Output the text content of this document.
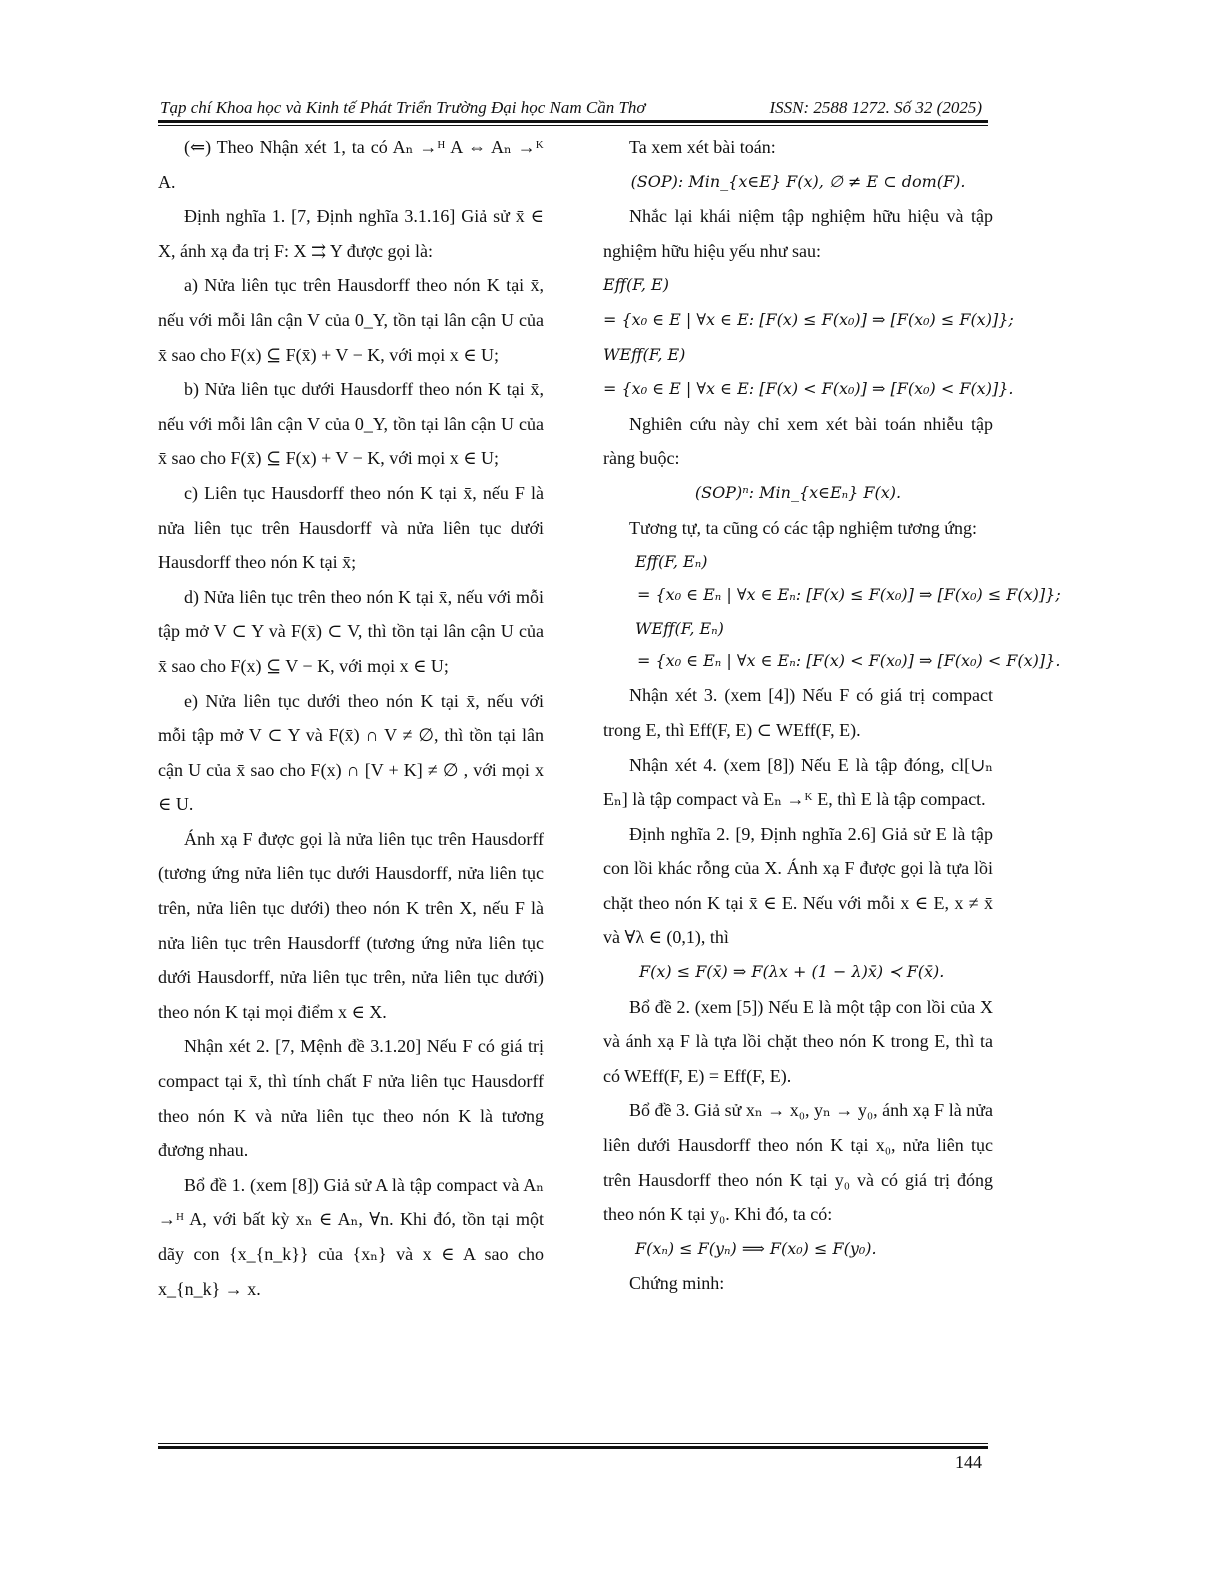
Tạp chí Khoa học và Kinh tế Phát Triển Trường Đại học Nam Cần Thơ	ISSN: 2588 1272. Số 32 (2025)

(⇐) Theo Nhận xét 1, ta có Aₙ →ᴴ A ⇔ Aₙ →ᴷ A.

Định nghĩa 1. [7, Định nghĩa 3.1.16] Giả sử x̄ ∈ X, ánh xạ đa trị F: X ⇉ Y được gọi là:

a) Nửa liên tục trên Hausdorff theo nón K tại x̄, nếu với mỗi lân cận V của 0_Y, tồn tại lân cận U của x̄ sao cho F(x) ⊆ F(x̄) + V − K, với mọi x ∈ U;

b) Nửa liên tục dưới Hausdorff theo nón K tại x̄, nếu với mỗi lân cận V của 0_Y, tồn tại lân cận U của x̄ sao cho F(x̄) ⊆ F(x) + V − K, với mọi x ∈ U;

c) Liên tục Hausdorff theo nón K tại x̄, nếu F là nửa liên tục trên Hausdorff và nửa liên tục dưới Hausdorff theo nón K tại x̄;

d) Nửa liên tục trên theo nón K tại x̄, nếu với mỗi tập mở V ⊂ Y và F(x̄) ⊂ V, thì tồn tại lân cận U của x̄ sao cho F(x) ⊆ V − K, với mọi x ∈ U;

e) Nửa liên tục dưới theo nón K tại x̄, nếu với mỗi tập mở V ⊂ Y và F(x̄) ∩ V ≠ ∅, thì tồn tại lân cận U của x̄ sao cho F(x) ∩ [V + K] ≠ ∅ , với mọi x ∈ U.

Ánh xạ F được gọi là nửa liên tục trên Hausdorff (tương ứng nửa liên tục dưới Hausdorff, nửa liên tục trên, nửa liên tục dưới) theo nón K trên X, nếu F là nửa liên tục trên Hausdorff (tương ứng nửa liên tục dưới Hausdorff, nửa liên tục trên, nửa liên tục dưới) theo nón K tại mọi điểm x ∈ X.

Nhận xét 2. [7, Mệnh đề 3.1.20] Nếu F có giá trị compact tại x̄, thì tính chất F nửa liên tục Hausdorff theo nón K và nửa liên tục theo nón K là tương đương nhau.

Bổ đề 1. (xem [8]) Giả sử A là tập compact và Aₙ →ᴴ A, với bất kỳ xₙ ∈ Aₙ, ∀n. Khi đó, tồn tại một dãy con {x_{n_k}} của {xₙ} và x ∈ A sao cho x_{n_k} → x.

Ta xem xét bài toán:

(SOP): Min_{x∈E} F(x), ∅ ≠ E ⊂ dom(F).

Nhắc lại khái niệm tập nghiệm hữu hiệu và tập nghiệm hữu hiệu yếu như sau:

Eff(F, E)

= {x₀ ∈ E | ∀x ∈ E: [F(x) ≤ F(x₀)] ⇒ [F(x₀) ≤ F(x)]};

WEff(F, E)

= {x₀ ∈ E | ∀x ∈ E: [F(x) < F(x₀)] ⇒ [F(x₀) < F(x)]}.

Nghiên cứu này chỉ xem xét bài toán nhiễu tập ràng buộc:

(SOP)ⁿ: Min_{x∈Eₙ} F(x).

Tương tự, ta cũng có các tập nghiệm tương ứng:

Eff(F, Eₙ)

= {x₀ ∈ Eₙ | ∀x ∈ Eₙ: [F(x) ≤ F(x₀)] ⇒ [F(x₀) ≤ F(x)]};

WEff(F, Eₙ)

= {x₀ ∈ Eₙ | ∀x ∈ Eₙ: [F(x) < F(x₀)] ⇒ [F(x₀) < F(x)]}.

Nhận xét 3. (xem [4]) Nếu F có giá trị compact trong E, thì Eff(F, E) ⊂ WEff(F, E).

Nhận xét 4. (xem [8]) Nếu E là tập đóng, cl[∪ₙ Eₙ] là tập compact và Eₙ →ᴷ E, thì E là tập compact.

Định nghĩa 2. [9, Định nghĩa 2.6] Giả sử E là tập con lồi khác rỗng của X. Ánh xạ F được gọi là tựa lồi chặt theo nón K tại x̄ ∈ E. Nếu với mỗi x ∈ E, x ≠ x̄ và ∀λ ∈ (0,1), thì

F(x) ≤ F(x̄) ⇒ F(λx + (1 − λ)x̄) ≺ F(x̄).

Bổ đề 2. (xem [5]) Nếu E là một tập con lồi của X và ánh xạ F là tựa lồi chặt theo nón K trong E, thì ta có WEff(F, E) = Eff(F, E).

Bổ đề 3. Giả sử xₙ → x₀, yₙ → y₀, ánh xạ F là nửa liên dưới Hausdorff theo nón K tại x₀, nửa liên tục trên Hausdorff theo nón K tại y₀ và có giá trị đóng theo nón K tại y₀. Khi đó, ta có:

F(xₙ) ≤ F(yₙ) ⟹ F(x₀) ≤ F(y₀).

Chứng minh:

144
